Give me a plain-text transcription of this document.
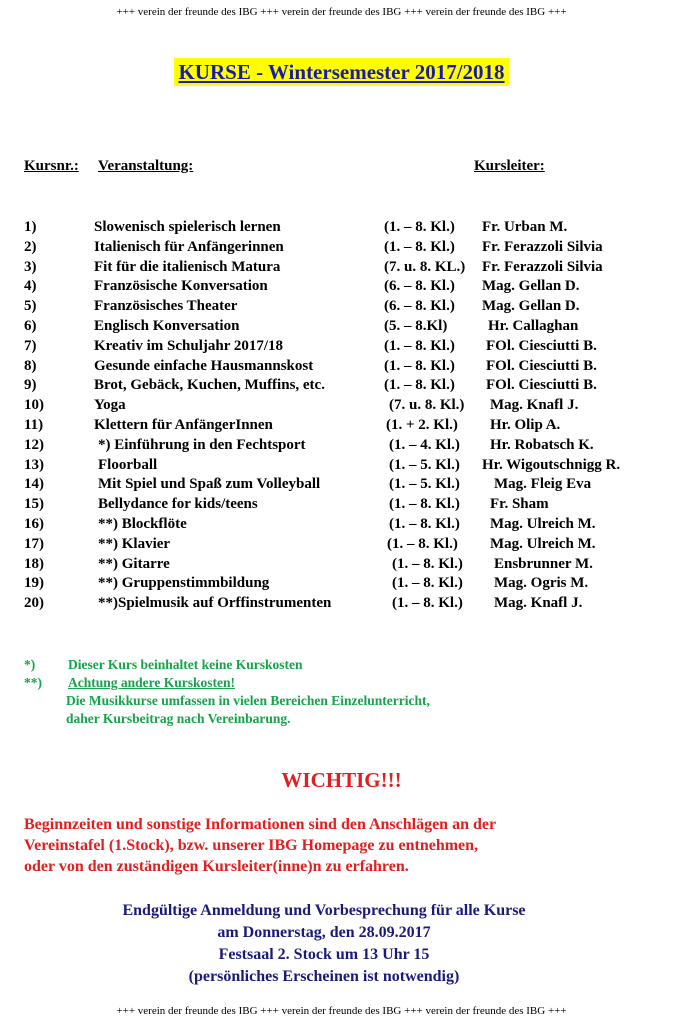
+++ verein der freunde des IBG +++ verein der freunde des IBG +++ verein der freunde des IBG +++
KURSE - Wintersemester 2017/2018
Kursnr.: Veranstaltung:	Kursleiter:
1)	Slowenisch spielerisch lernen	(1. – 8. Kl.) Fr. Urban M.
2)	Italienisch für Anfängerinnen	(1. – 8. Kl.) Fr. Ferazzoli Silvia
3)	Fit für die italienisch Matura	(7. u. 8. KL.) Fr. Ferazzoli Silvia
4)	Französische Konversation	(6. – 8. Kl.) Mag. Gellan D.
5)	Französisches Theater	(6. – 8. Kl.) Mag. Gellan D.
6)	Englisch Konversation	(5. – 8.Kl)	Hr. Callaghan
7)	Kreativ im Schuljahr 2017/18	(1. – 8. Kl.) FOl. Ciesciutti B.
8)	Gesunde einfache Hausmannskost	(1. – 8. Kl.) FOl. Ciesciutti B.
9)	Brot, Gebäck, Kuchen, Muffins, etc.	(1. – 8. Kl.) FOl. Ciesciutti B.
10)	Yoga	(7. u. 8. Kl.) Mag. Knafl J.
11)	Klettern für AnfängerInnen	(1. + 2. Kl.) Hr. Olip A.
12)	*) Einführung in den Fechtsport	(1. – 4. Kl.) Hr. Robatsch K.
13)	Floorball	(1. – 5. Kl.) Hr. Wigoutschnigg R.
14)	Mit Spiel und Spaß zum Volleyball	(1. – 5. Kl.) Mag. Fleig Eva
15)	Bellydance for kids/teens	(1. – 8. Kl.) Fr. Sham
16)	**) Blockflöte	(1. – 8. Kl.) Mag. Ulreich M.
17)	**) Klavier	(1. – 8. Kl.) Mag. Ulreich M.
18)	**) Gitarre	(1. – 8. Kl.) Ensbrunner M.
19)	**) Gruppenstimmbildung	(1. – 8. Kl.) Mag. Ogris M.
20)	**)Spielmusik auf Orffinstrumenten	(1. – 8. Kl.) Mag. Knafl J.
*) Dieser Kurs beinhaltet keine Kurskosten
**) Achtung andere Kurskosten!
Die Musikkurse umfassen in vielen Bereichen Einzelunterricht,
daher Kursbeitrag nach Vereinbarung.
WICHTIG!!!
Beginnzeiten und sonstige Informationen sind den Anschlägen an der
Vereinstafel (1.Stock), bzw. unserer IBG Homepage zu entnehmen,
oder von den zuständigen Kursleiter(inne)n zu erfahren.
Endgültige Anmeldung und Vorbesprechung für alle Kurse
am Donnerstag, den 28.09.2017
Festsaal 2. Stock um 13 Uhr 15
(persönliches Erscheinen ist notwendig)
+++ verein der freunde des IBG +++ verein der freunde des IBG +++ verein der freunde des IBG +++
